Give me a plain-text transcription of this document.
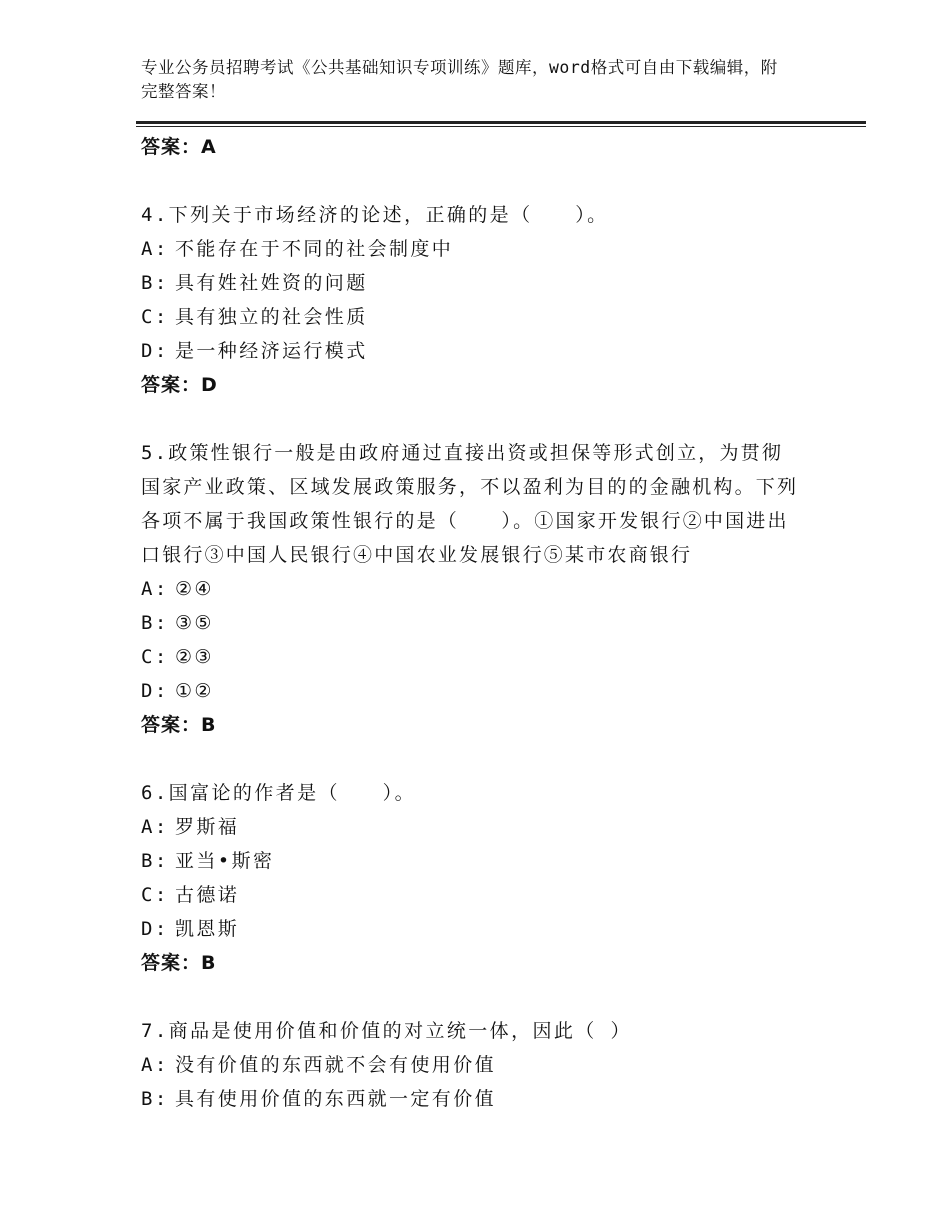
专业公务员招聘考试《公共基础知识专项训练》题库，word格式可自由下载编辑，附完整答案！
答案：A
4.下列关于市场经济的论述，正确的是（　　）。
A: 不能存在于不同的社会制度中
B: 具有姓社姓资的问题
C: 具有独立的社会性质
D: 是一种经济运行模式
答案：D
5.政策性银行一般是由政府通过直接出资或担保等形式创立，为贯彻国家产业政策、区域发展政策服务，不以盈利为目的的金融机构。下列各项不属于我国政策性银行的是（　　）。①国家开发银行②中国进出口银行③中国人民银行④中国农业发展银行⑤某市农商银行
A: ②④
B: ③⑤
C: ②③
D: ①②
答案：B
6.国富论的作者是（　　）。
A: 罗斯福
B: 亚当•斯密
C: 古德诺
D: 凯恩斯
答案：B
7.商品是使用价值和价值的对立统一体，因此（ ）
A: 没有价值的东西就不会有使用价值
B: 具有使用价值的东西就一定有价值
